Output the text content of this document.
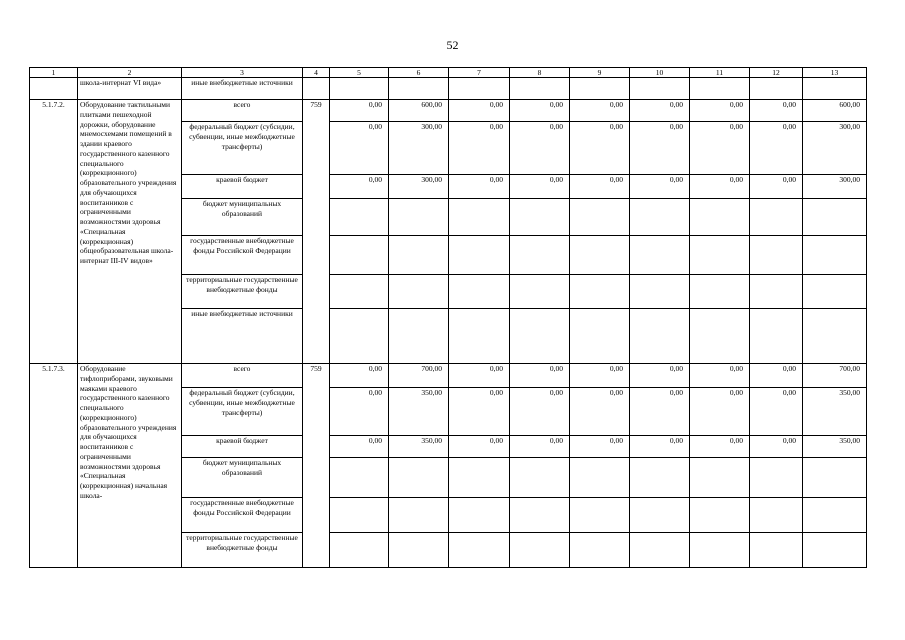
52
1	2	3	4	5	6	7	8	9	10	11	12	13
	школа-интернат VI вида»	иные внебюджетные источники										
5.1.7.2.	Оборудование тактильными плитками пешеходной дорожки, оборудование мнемосхемами помещений в здании краевого государственного казенного специального (коррекционного) образовательного учреждения для обучающихся воспитанников с ограниченными возможностями здоровья «Специальная (коррекционная) общеобразовательная школа-интернат III-IV видов»	всего	759	0,00	600,00	0,00	0,00	0,00	0,00	0,00	0,00	600,00
		федеральный бюджет (субсидии, субвенции, иные межбюджетные трансферты)		0,00	300,00	0,00	0,00	0,00	0,00	0,00	0,00	300,00
		краевой бюджет		0,00	300,00	0,00	0,00	0,00	0,00	0,00	0,00	300,00
		бюджет муниципальных образований										
		государственные внебюджетные фонды Российской Федерации										
		территориальные государственные внебюджетные фонды										
		иные внебюджетные источники										
5.1.7.3.	Оборудование тифлоприборами, звуковыми маяками краевого государственного казенного специального (коррекционного) образовательного учреждения для обучающихся воспитанников с ограниченными возможностями здоровья «Специальная (коррекционная) начальная школа-	всего	759	0,00	700,00	0,00	0,00	0,00	0,00	0,00	0,00	700,00
		федеральный бюджет (субсидии, субвенции, иные межбюджетные трансферты)		0,00	350,00	0,00	0,00	0,00	0,00	0,00	0,00	350,00
		краевой бюджет		0,00	350,00	0,00	0,00	0,00	0,00	0,00	0,00	350,00
		бюджет муниципальных образований										
		государственные внебюджетные фонды Российской Федерации										
		территориальные государственные внебюджетные фонды										
